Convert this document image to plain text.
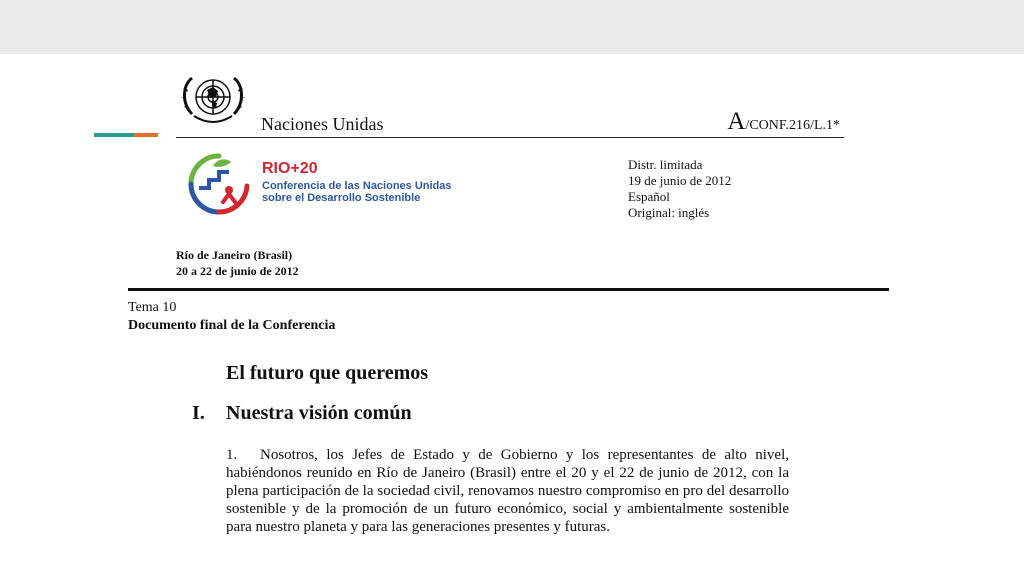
Naciones Unidas	A/CONF.216/L.1*
RIO+20
Conferencia de las Naciones Unidas
sobre el Desarrollo Sostenible
Distr. limitada
19 de junio de 2012
Español
Original: inglés
Río de Janeiro (Brasil)
20 a 22 de junio de 2012
Tema 10
Documento final de la Conferencia
El futuro que queremos
I. Nuestra visión común
1. Nosotros, los Jefes de Estado y de Gobierno y los representantes de alto nivel, habiéndonos reunido en Río de Janeiro (Brasil) entre el 20 y el 22 de junio de 2012, con la plena participación de la sociedad civil, renovamos nuestro compromiso en pro del desarrollo sostenible y de la promoción de un futuro económico, social y ambientalmente sostenible para nuestro planeta y para las generaciones presentes y futuras.
